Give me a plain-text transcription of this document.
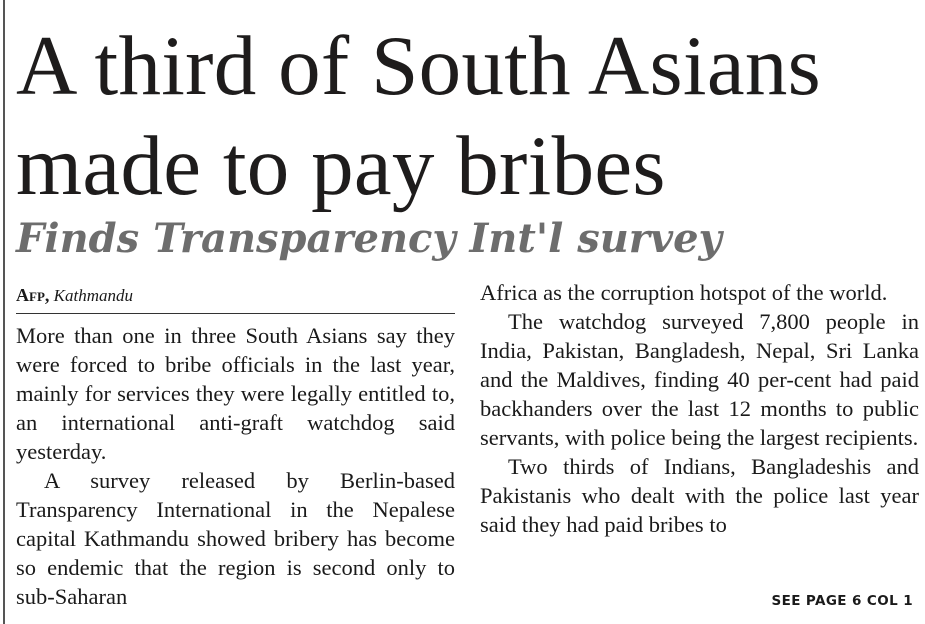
A third of South Asians
made to pay bribes
Finds Transparency Int'l survey
Afp, Kathmandu

More than one in three South Asians say they were forced to bribe officials in the last year, mainly for services they were legally entitled to, an international anti-graft watchdog said yesterday.

A survey released by Berlin-based Transparency International in the Nepalese capital Kathmandu showed bribery has become so endemic that the region is second only to sub-Saharan

Africa as the corruption hotspot of the world.

The watchdog surveyed 7,800 people in India, Pakistan, Bangladesh, Nepal, Sri Lanka and the Maldives, finding 40 per-cent had paid backhanders over the last 12 months to public servants, with police being the largest recipients.

Two thirds of Indians, Bangladeshis and Pakistanis who dealt with the police last year said they had paid bribes to

SEE PAGE 6 COL 1
